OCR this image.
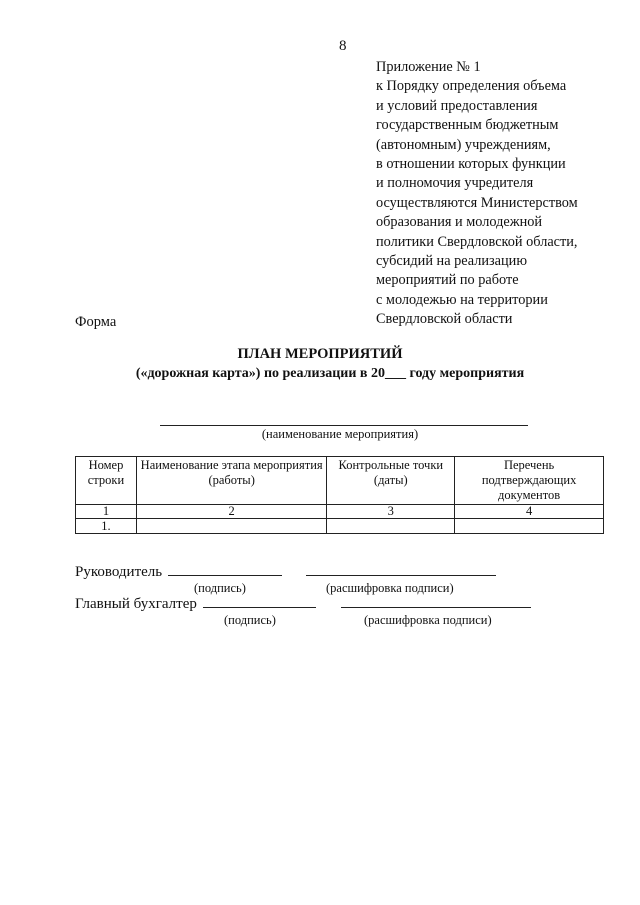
8
Приложение № 1
к Порядку определения объема
и условий предоставления
государственным бюджетным
(автономным) учреждениям,
в отношении которых функции
и полномочия учредителя
осуществляются Министерством
образования и молодежной
политики Свердловской области,
субсидий на реализацию
мероприятий по работе
с молодежью на территории
Свердловской области
Форма
ПЛАН МЕРОПРИЯТИЙ
(«дорожная карта») по реализации в 20___ году мероприятия
(наименование мероприятия)
Номер строки	Наименование этапа мероприятия (работы)	Контрольные точки (даты)	Перечень подтверждающих документов
1	2	3	4
1.			
Руководитель
(подпись)	(расшифровка подписи)
Главный бухгалтер
(подпись)	(расшифровка подписи)
